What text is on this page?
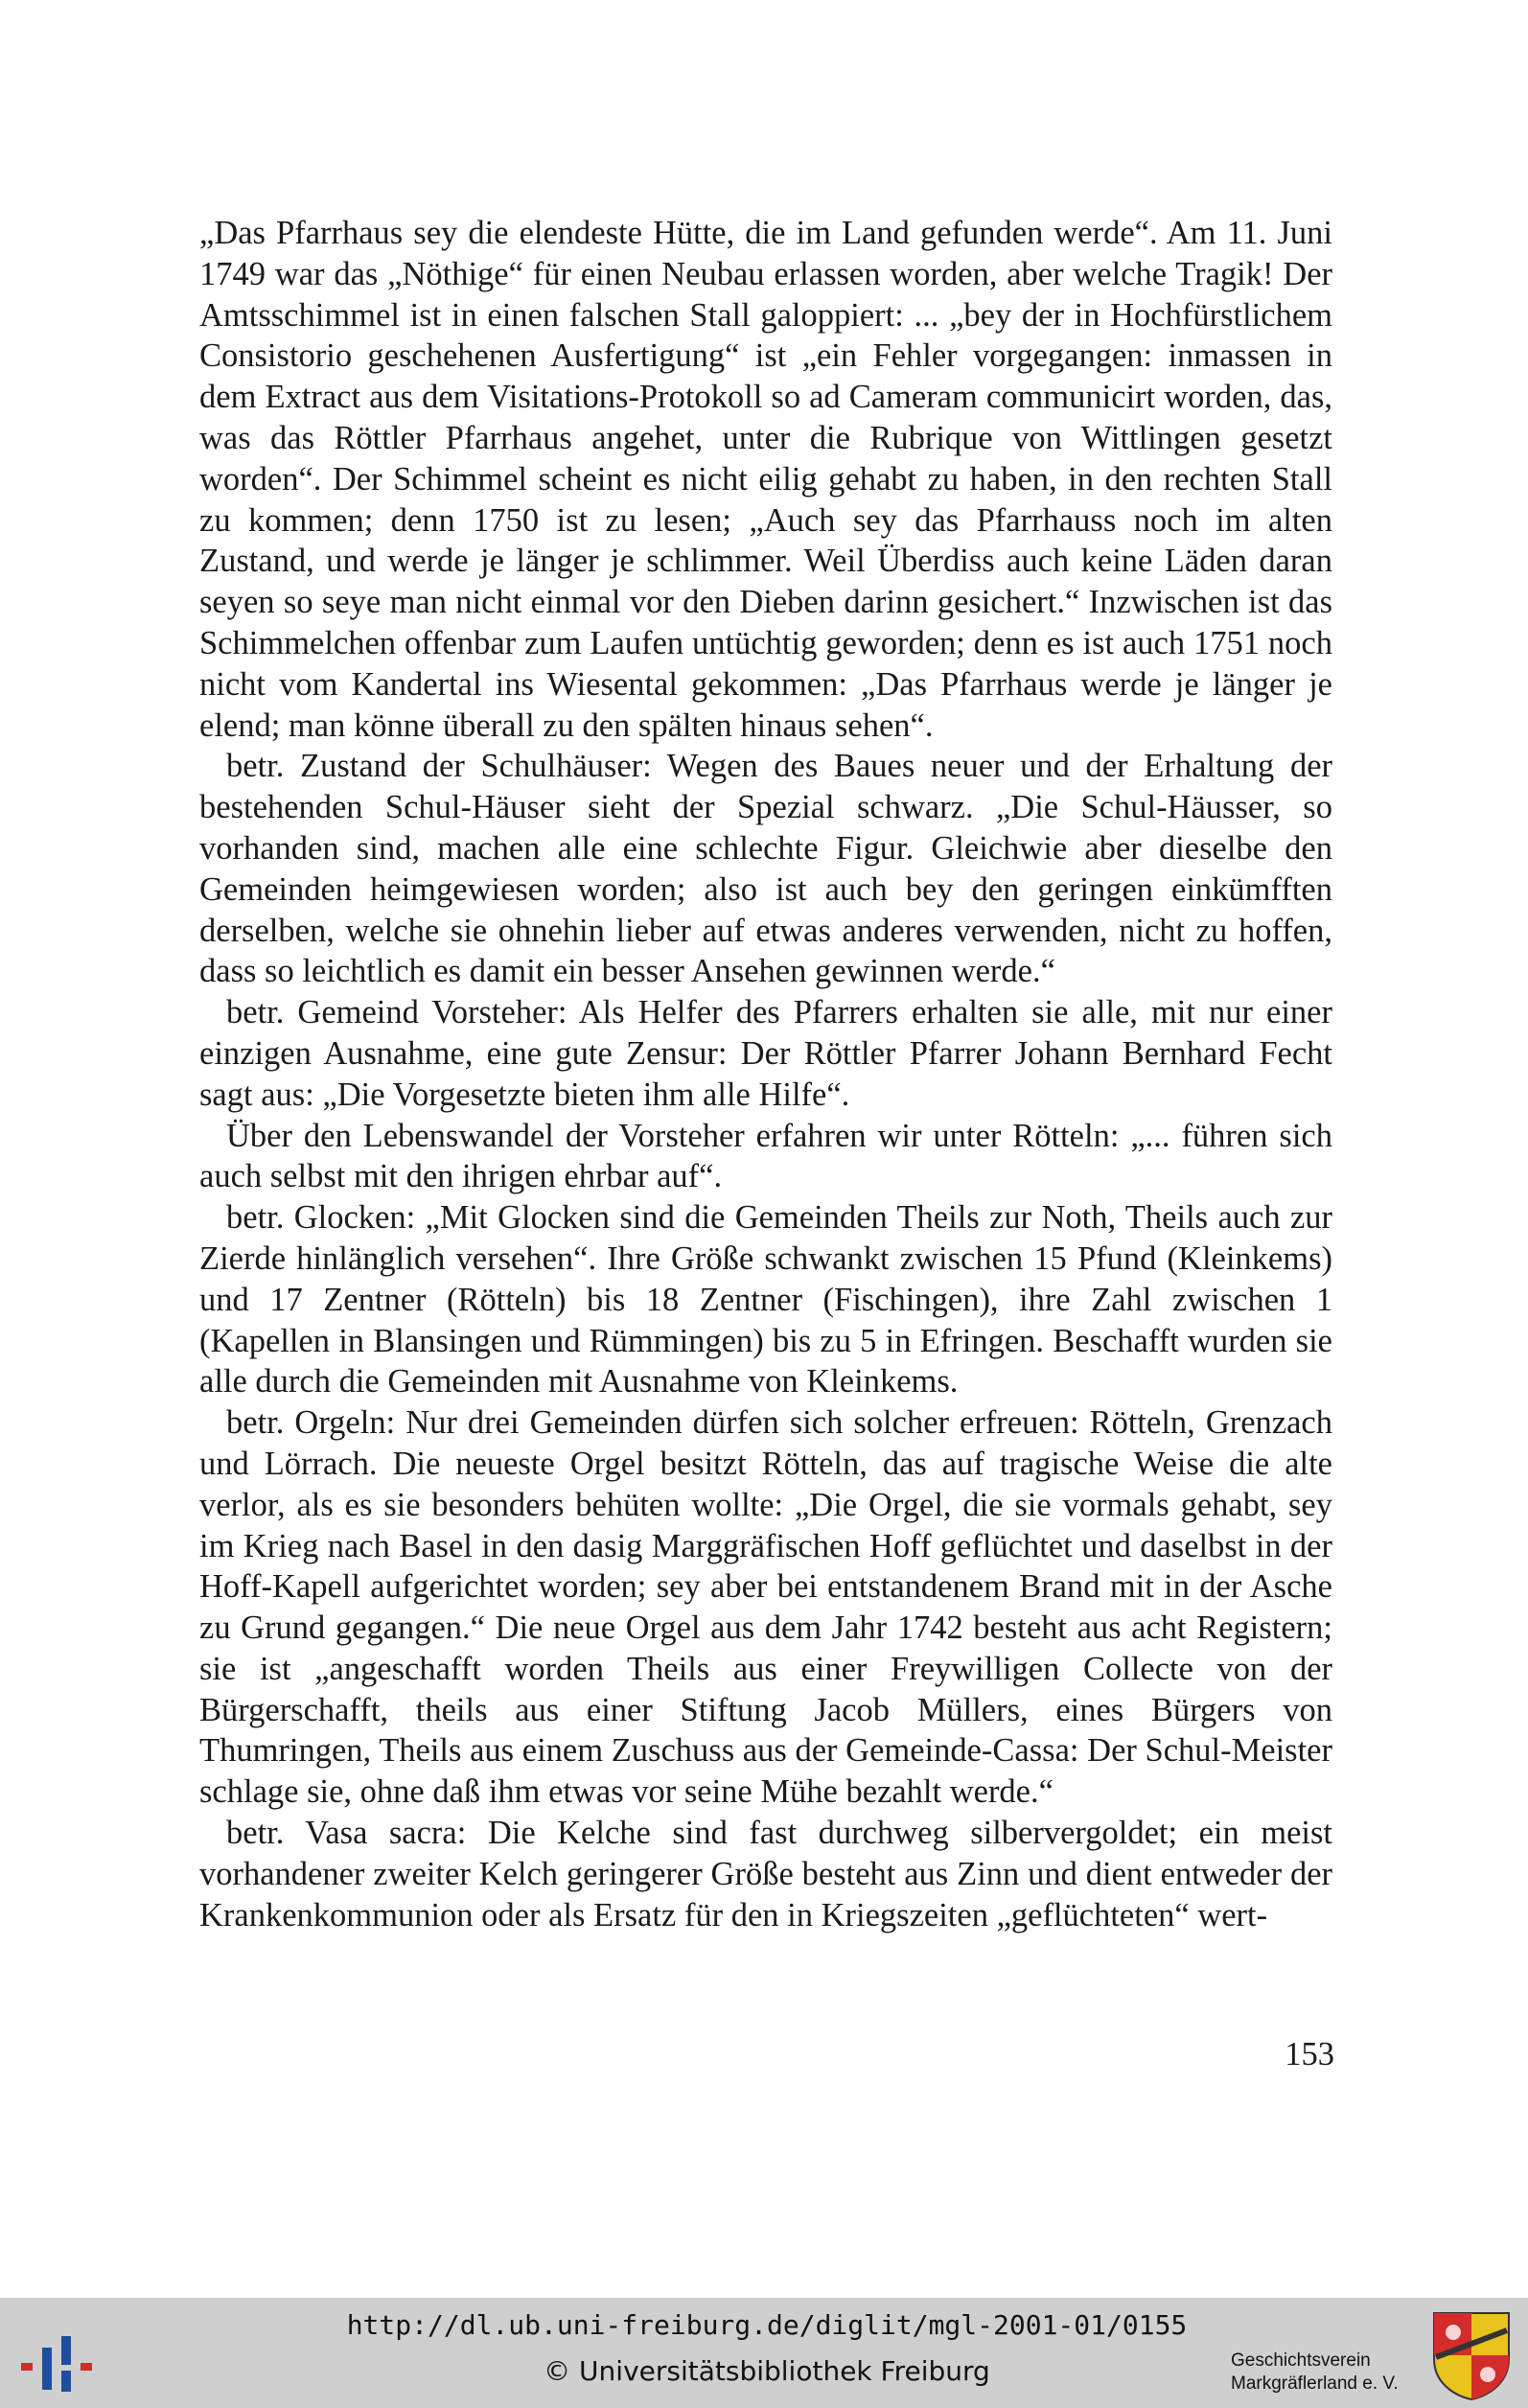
„Das Pfarrhaus sey die elendeste Hütte, die im Land gefunden werde“. Am 11. Juni 1749 war das „Nöthige“ für einen Neubau erlassen worden, aber welche Tragik! Der Amtsschimmel ist in einen falschen Stall galoppiert: ... „bey der in Hochfürstlichem Consistorio geschehenen Ausfertigung“ ist „ein Fehler vorgegangen: inmassen in dem Extract aus dem Visitations-Protokoll so ad Cameram communicirt worden, das, was das Röttler Pfarrhaus angehet, unter die Rubrique von Wittlingen gesetzt worden“. Der Schimmel scheint es nicht eilig gehabt zu haben, in den rechten Stall zu kommen; denn 1750 ist zu lesen; „Auch sey das Pfarrhauss noch im alten Zustand, und werde je länger je schlimmer. Weil Überdiss auch keine Läden daran seyen so seye man nicht einmal vor den Dieben darinn gesichert.“ Inzwischen ist das Schimmelchen offenbar zum Laufen untüchtig geworden; denn es ist auch 1751 noch nicht vom Kandertal ins Wiesental gekommen: „Das Pfarrhaus werde je länger je elend; man könne überall zu den spälten hinaus sehen“.

betr. Zustand der Schulhäuser: Wegen des Baues neuer und der Erhaltung der bestehenden Schul-Häuser sieht der Spezial schwarz. „Die Schul-Häusser, so vorhanden sind, machen alle eine schlechte Figur. Gleichwie aber dieselbe den Gemeinden heimgewiesen worden; also ist auch bey den geringen einkümfften derselben, welche sie ohnehin lieber auf etwas anderes verwenden, nicht zu hoffen, dass so leichtlich es damit ein besser Ansehen gewinnen werde.“

betr. Gemeind Vorsteher: Als Helfer des Pfarrers erhalten sie alle, mit nur einer einzigen Ausnahme, eine gute Zensur: Der Röttler Pfarrer Johann Bernhard Fecht sagt aus: „Die Vorgesetzte bieten ihm alle Hilfe“.

Über den Lebenswandel der Vorsteher erfahren wir unter Rötteln: „... führen sich auch selbst mit den ihrigen ehrbar auf“.

betr. Glocken: „Mit Glocken sind die Gemeinden Theils zur Noth, Theils auch zur Zierde hinlänglich versehen“. Ihre Größe schwankt zwischen 15 Pfund (Kleinkems) und 17 Zentner (Rötteln) bis 18 Zentner (Fischingen), ihre Zahl zwischen 1 (Kapellen in Blansingen und Rümmingen) bis zu 5 in Efringen. Beschafft wurden sie alle durch die Gemeinden mit Ausnahme von Kleinkems.

betr. Orgeln: Nur drei Gemeinden dürfen sich solcher erfreuen: Rötteln, Grenzach und Lörrach. Die neueste Orgel besitzt Rötteln, das auf tragische Weise die alte verlor, als es sie besonders behüten wollte: „Die Orgel, die sie vormals gehabt, sey im Krieg nach Basel in den dasig Marggräfischen Hoff geflüchtet und daselbst in der Hoff-Kapell aufgerichtet worden; sey aber bei entstandenem Brand mit in der Asche zu Grund gegangen.“ Die neue Orgel aus dem Jahr 1742 besteht aus acht Registern; sie ist „angeschafft worden Theils aus einer Freywilligen Collecte von der Bürgerschafft, theils aus einer Stiftung Jacob Müllers, eines Bürgers von Thumringen, Theils aus einem Zuschuss aus der Gemeinde-Cassa: Der Schul-Meister schlage sie, ohne daß ihm etwas vor seine Mühe bezahlt werde.“

betr. Vasa sacra: Die Kelche sind fast durchweg silbervergoldet; ein meist vorhandener zweiter Kelch geringerer Größe besteht aus Zinn und dient entweder der Krankenkommunion oder als Ersatz für den in Kriegszeiten „geflüchteten“ wert-

153
http://dl.ub.uni-freiburg.de/diglit/mgl-2001-01/0155
© Universitätsbibliothek Freiburg	Geschichtsverein
Markgräflerland e. V.
